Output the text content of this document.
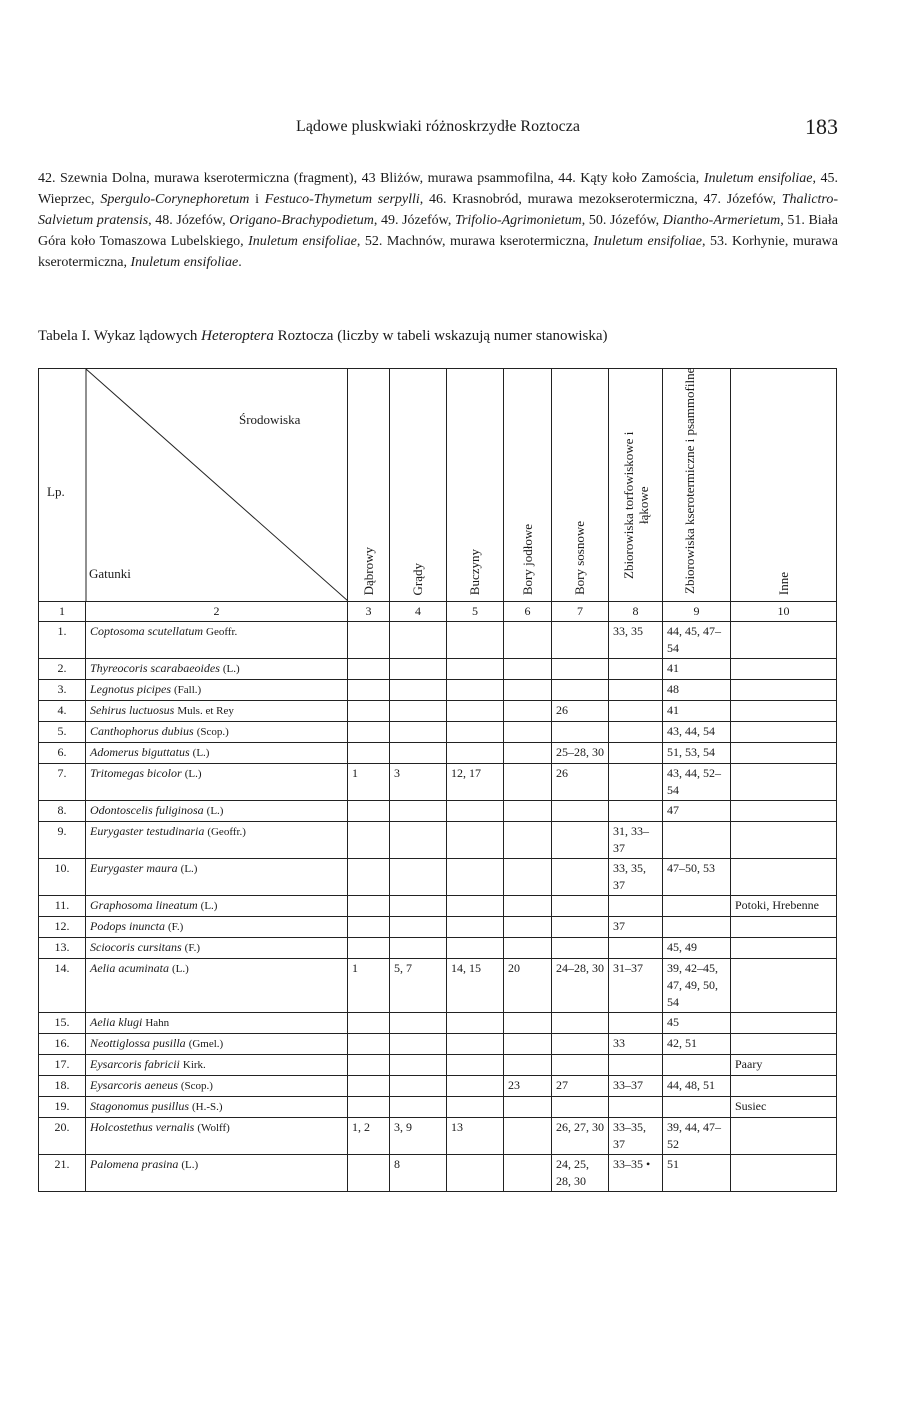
Lądowe pluskwiaki różnoskrzydłe Roztocza	183
42. Szewnia Dolna, murawa kserotermiczna (fragment), 43 Bliżów, murawa psammofilna, 44. Kąty koło Zamościa, Inuletum ensifoliae, 45. Wieprzec, Spergulo-Corynephoretum i Festuco-Thymetum serpylli, 46. Krasnobród, murawa mezokserotermiczna, 47. Józefów, Thalictro-Salvietum pratensis, 48. Józefów, Origano-Brachypodietum, 49. Józefów, Trifolio-Agrimonietum, 50. Józefów, Diantho-Armerietum, 51. Biała Góra koło Tomaszowa Lubelskiego, Inuletum ensifoliae, 52. Machnów, murawa kserotermiczna, Inuletum ensifoliae, 53. Korhynie, murawa kserotermiczna, Inuletum ensifoliae.
Tabela I. Wykaz lądowych Heteroptera Roztocza (liczby w tabeli wskazują numer stanowiska)
Lp.
Środowiska
Gatunki		Dąbrowy	Grądy	Buczyny	Bory jodłowe	Bory sosnowe	Zbiorowiska torfowiskowe i łąkowe	Zbiorowiska kserotermiczne i psammofilne	Inne

1	2	3	4	5	6	7	8	9	10
1.	Coptosoma scutellatum Geoffr.						33, 35	44, 45, 47–54	
2.	Thyreocoris scarabaeoides (L.)							41	
3.	Legnotus picipes (Fall.)							48	
4.	Sehirus luctuosus Muls. et Rey					26		41	
5.	Canthophorus dubius (Scop.)							43, 44, 54	
6.	Adomerus biguttatus (L.)					25–28, 30		51, 53, 54	
7.	Tritomegas bicolor (L.)	1	3	12, 17		26		43, 44, 52–54	
8.	Odontoscelis fuliginosa (L.)							47	
9.	Eurygaster testudinaria (Geoffr.)						31, 33–37		
10.	Eurygaster maura (L.)						33, 35, 37	47–50, 53	
11.	Graphosoma lineatum (L.)								Potoki, Hrebenne
12.	Podops inuncta (F.)						37		
13.	Sciocoris cursitans (F.)							45, 49	
14.	Aelia acuminata (L.)	1	5, 7	14, 15	20	24–28, 30	31–37	39, 42–45, 47, 49, 50, 54	
15.	Aelia klugi Hahn							45	
16.	Neottiglossa pusilla (Gmel.)						33	42, 51	
17.	Eysarcoris fabricii Kirk.								Paary
18.	Eysarcoris aeneus (Scop.)				23	27	33–37	44, 48, 51	
19.	Stagonomus pusillus (H.-S.)								Susiec
20.	Holcostethus vernalis (Wolff)	1, 2	3, 9	13		26, 27, 30	33–35, 37	39, 44, 47–52	
21.	Palomena prasina (L.)		8			24, 25, 28, 30	33–35 •	51	
